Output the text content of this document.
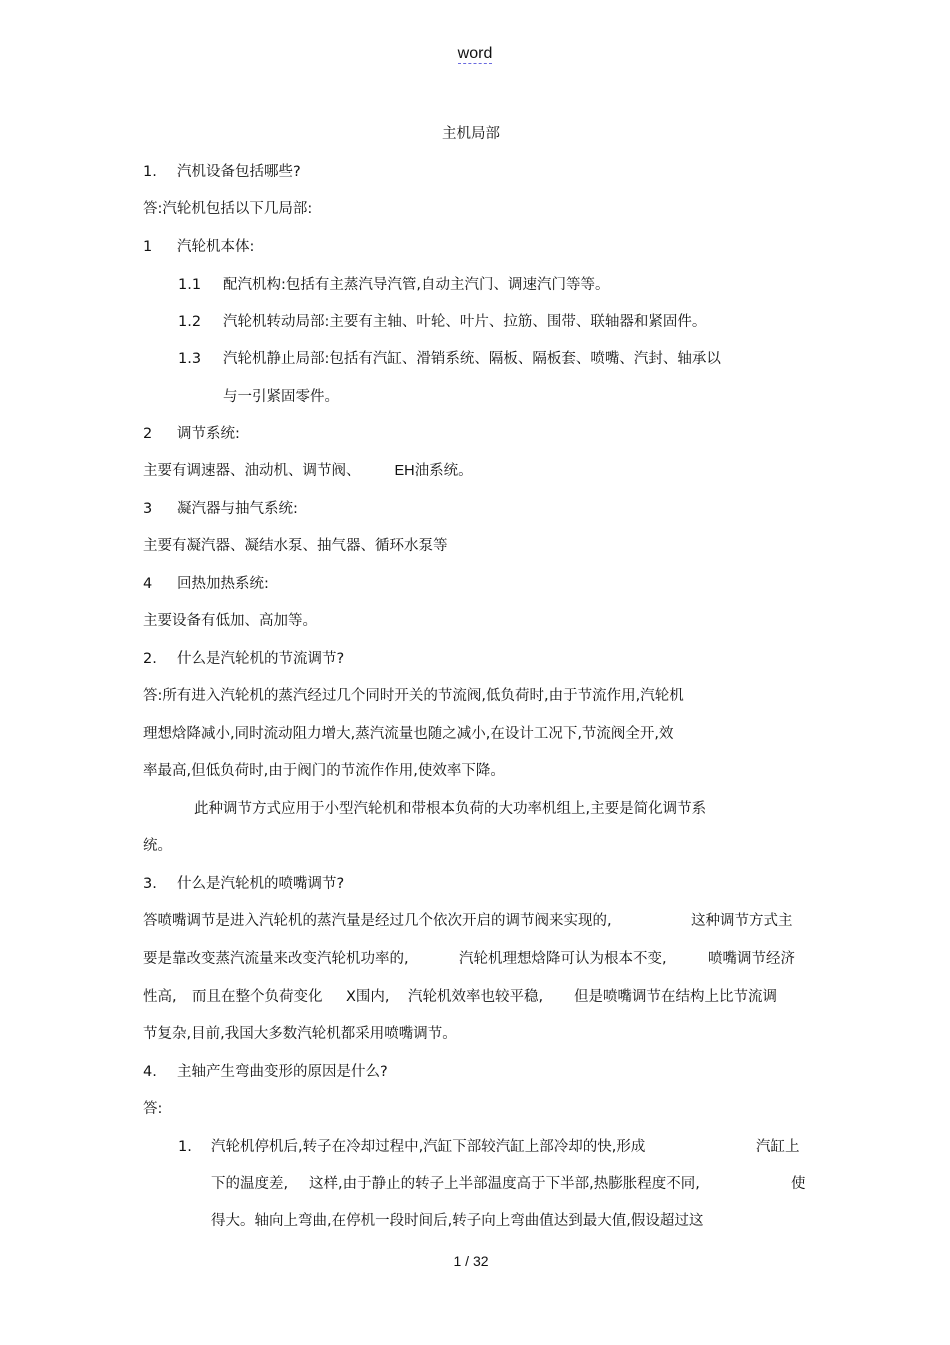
word
主机局部
1. 汽机设备包括哪些?
答:汽轮机包括以下几局部:
1 汽轮机本体:
1.1 配汽机构:包括有主蒸汽导汽管,自动主汽门、调速汽门等等。
1.2 汽轮机转动局部:主要有主轴、叶轮、叶片、拉筋、围带、联轴器和紧固件。
1.3 汽轮机静止局部:包括有汽缸、滑销系统、隔板、隔板套、喷嘴、汽封、轴承以
与一引紧固零件。
2 调节系统:
主要有调速器、油动机、调节阀、 EH油系统。
3 凝汽器与抽气系统:
主要有凝汽器、凝结水泵、抽气器、循环水泵等
4 回热加热系统:
主要设备有低加、高加等。
2. 什么是汽轮机的节流调节?
答:所有进入汽轮机的蒸汽经过几个同时开关的节流阀,低负荷时,由于节流作用,汽轮机
理想焓降减小,同时流动阻力增大,蒸汽流量也随之减小,在设计工况下,节流阀全开,效
率最高,但低负荷时,由于阀门的节流作作用,使效率下降。
此种调节方式应用于小型汽轮机和带根本负荷的大功率机组上,主要是简化调节系
统。
3. 什么是汽轮机的喷嘴调节?
答喷嘴调节是进入汽轮机的蒸汽量是经过几个依次开启的调节阀来实现的,	这种调节方式主
要是靠改变蒸汽流量来改变汽轮机功率的,	汽轮机理想焓降可认为根本不变,	喷嘴调节经济
性高, 而且在整个负荷变化 X围内, 汽轮机效率也较平稳, 但是喷嘴调节在结构上比节流调
节复杂,目前,我国大多数汽轮机都采用喷嘴调节。
4. 主轴产生弯曲变形的原因是什么?
答:
1. 汽轮机停机后,转子在冷却过程中,汽缸下部较汽缸上部冷却的快,形成	汽缸上
下的温度差, 这样,由于静止的转子上半部温度高于下半部,热膨胀程度不同,	使
得大。轴向上弯曲,在停机一段时间后,转子向上弯曲值达到最大值,假设超过这
1 / 32
